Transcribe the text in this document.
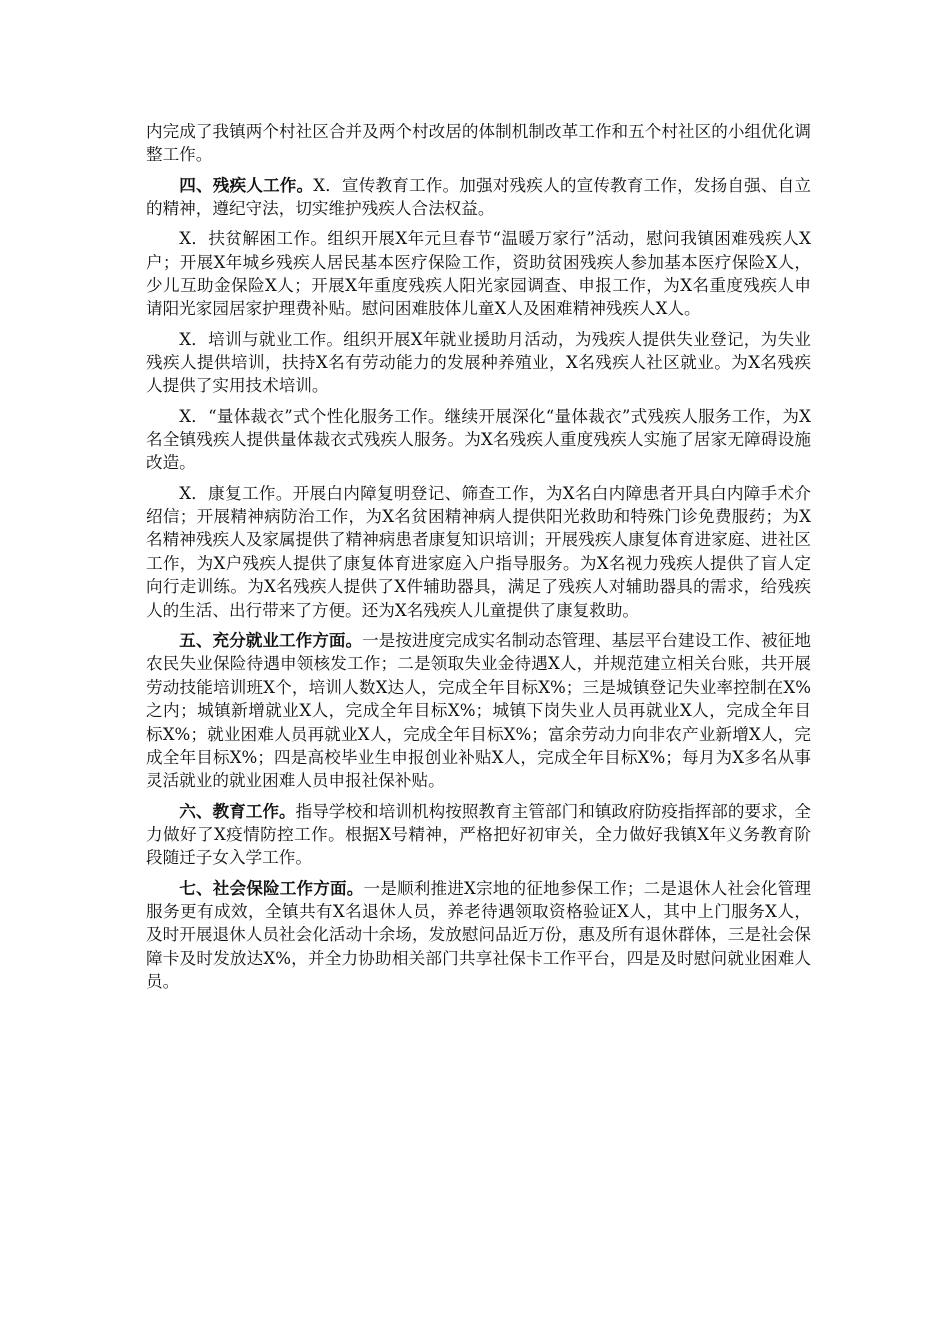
内完成了我镇两个村社区合并及两个村改居的体制机制改革工作和五个村社区的小组优化调整工作。

四、残疾人工作。X．宣传教育工作。加强对残疾人的宣传教育工作，发扬自强、自立的精神，遵纪守法，切实维护残疾人合法权益。

X．扶贫解困工作。组织开展X年元旦春节“温暖万家行”活动，慰问我镇困难残疾人X户；开展X年城乡残疾人居民基本医疗保险工作，资助贫困残疾人参加基本医疗保险X人，少儿互助金保险X人；开展X年重度残疾人阳光家园调查、申报工作，为X名重度残疾人申请阳光家园居家护理费补贴。慰问困难肢体儿童X人及困难精神残疾人X人。

X．培训与就业工作。组织开展X年就业援助月活动，为残疾人提供失业登记，为失业残疾人提供培训，扶持X名有劳动能力的发展种养殖业，X名残疾人社区就业。为X名残疾人提供了实用技术培训。

X．“量体裁衣”式个性化服务工作。继续开展深化“量体裁衣”式残疾人服务工作，为X名全镇残疾人提供量体裁衣式残疾人服务。为X名残疾人重度残疾人实施了居家无障碍设施改造。

X．康复工作。开展白内障复明登记、筛查工作，为X名白内障患者开具白内障手术介绍信；开展精神病防治工作，为X名贫困精神病人提供阳光救助和特殊门诊免费服药；为X名精神残疾人及家属提供了精神病患者康复知识培训；开展残疾人康复体育进家庭、进社区工作，为X户残疾人提供了康复体育进家庭入户指导服务。为X名视力残疾人提供了盲人定向行走训练。为X名残疾人提供了X件辅助器具，满足了残疾人对辅助器具的需求，给残疾人的生活、出行带来了方便。还为X名残疾人儿童提供了康复救助。

五、充分就业工作方面。一是按进度完成实名制动态管理、基层平台建设工作、被征地农民失业保险待遇申领核发工作；二是领取失业金待遇X人，并规范建立相关台账，共开展劳动技能培训班X个，培训人数X达人，完成全年目标X%；三是城镇登记失业率控制在X%之内；城镇新增就业X人，完成全年目标X%；城镇下岗失业人员再就业X人，完成全年目标X%；就业困难人员再就业X人，完成全年目标X%；富余劳动力向非农产业新增X人，完成全年目标X%；四是高校毕业生申报创业补贴X人，完成全年目标X%；每月为X多名从事灵活就业的就业困难人员申报社保补贴。

六、教育工作。指导学校和培训机构按照教育主管部门和镇政府防疫指挥部的要求，全力做好了X疫情防控工作。根据X号精神，严格把好初审关，全力做好我镇X年义务教育阶段随迁子女入学工作。

七、社会保险工作方面。一是顺利推进X宗地的征地参保工作；二是退休人社会化管理服务更有成效，全镇共有X名退休人员，养老待遇领取资格验证X人，其中上门服务X人，及时开展退休人员社会化活动十余场，发放慰问品近万份，惠及所有退休群体，三是社会保障卡及时发放达X%，并全力协助相关部门共享社保卡工作平台，四是及时慰问就业困难人员。
